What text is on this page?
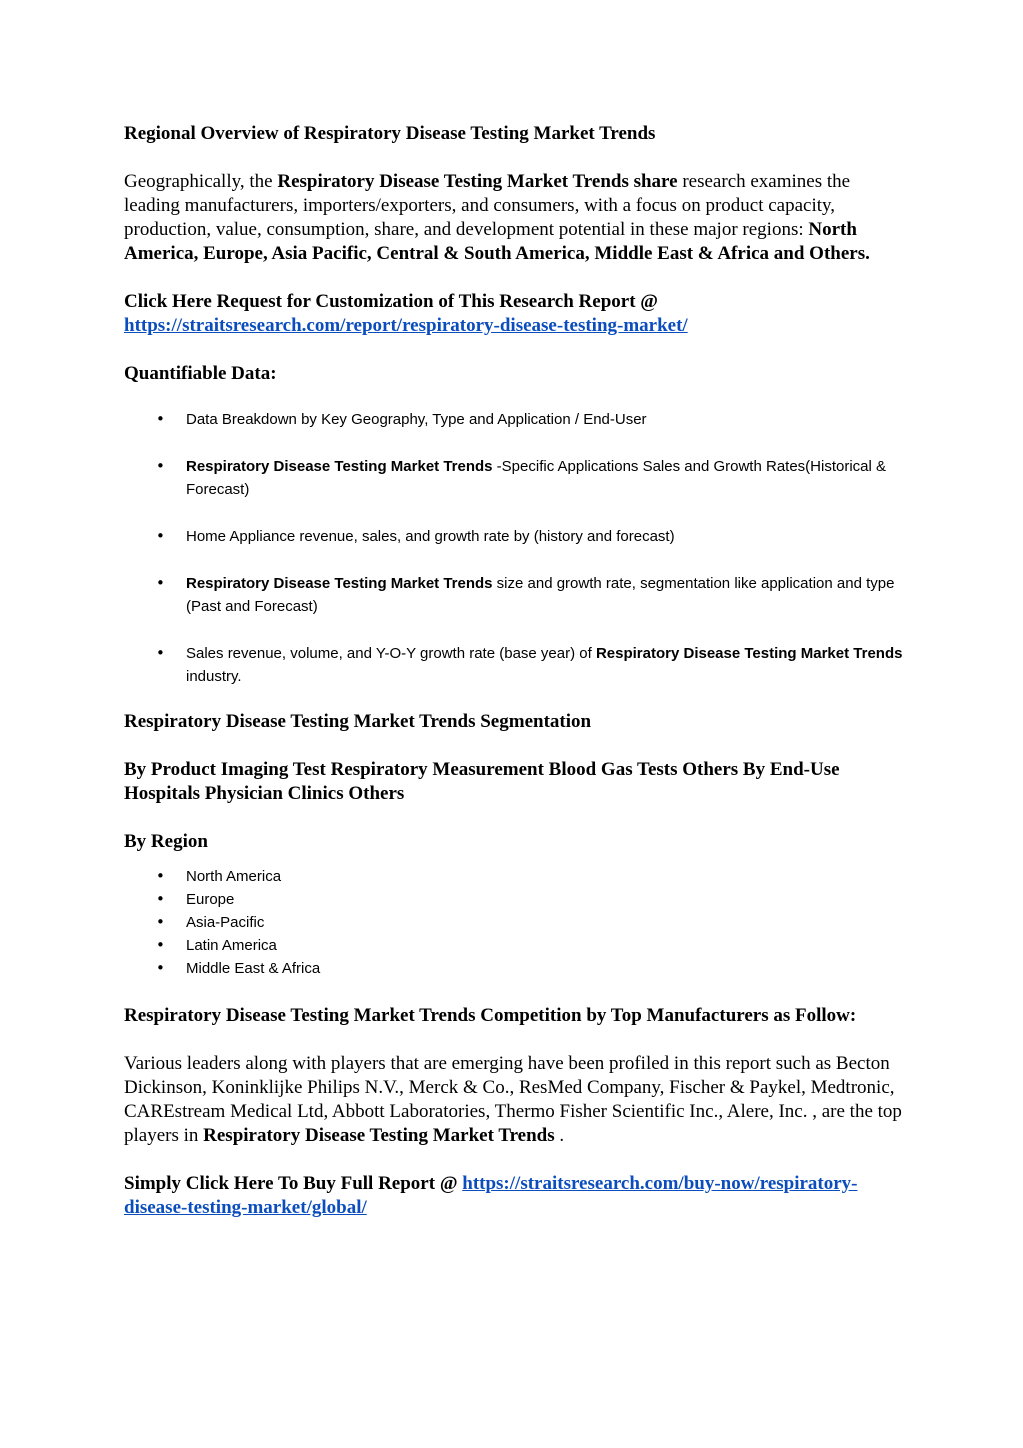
Regional Overview of Respiratory Disease Testing Market Trends

Geographically, the Respiratory Disease Testing Market Trends share research examines the leading manufacturers, importers/exporters, and consumers, with a focus on product capacity, production, value, consumption, share, and development potential in these major regions: North America, Europe, Asia Pacific, Central & South America, Middle East & Africa and Others.

Click Here Request for Customization of This Research Report @
https://straitsresearch.com/report/respiratory-disease-testing-market/

Quantifiable Data:

• Data Breakdown by Key Geography, Type and Application / End-User
• Respiratory Disease Testing Market Trends -Specific Applications Sales and Growth Rates(Historical & Forecast)
• Home Appliance revenue, sales, and growth rate by (history and forecast)
• Respiratory Disease Testing Market Trends size and growth rate, segmentation like application and type (Past and Forecast)
• Sales revenue, volume, and Y-O-Y growth rate (base year) of Respiratory Disease Testing Market Trends industry.

Respiratory Disease Testing Market Trends Segmentation

By Product Imaging Test Respiratory Measurement Blood Gas Tests Others By End-Use Hospitals Physician Clinics Others

By Region

• North America
• Europe
• Asia-Pacific
• Latin America
• Middle East & Africa

Respiratory Disease Testing Market Trends Competition by Top Manufacturers as Follow:

Various leaders along with players that are emerging have been profiled in this report such as Becton Dickinson, Koninklijke Philips N.V., Merck & Co., ResMed Company, Fischer & Paykel, Medtronic, CAREstream Medical Ltd, Abbott Laboratories, Thermo Fisher Scientific Inc., Alere, Inc. , are the top players in Respiratory Disease Testing Market Trends .

Simply Click Here To Buy Full Report @ https://straitsresearch.com/buy-now/respiratory-disease-testing-market/global/
